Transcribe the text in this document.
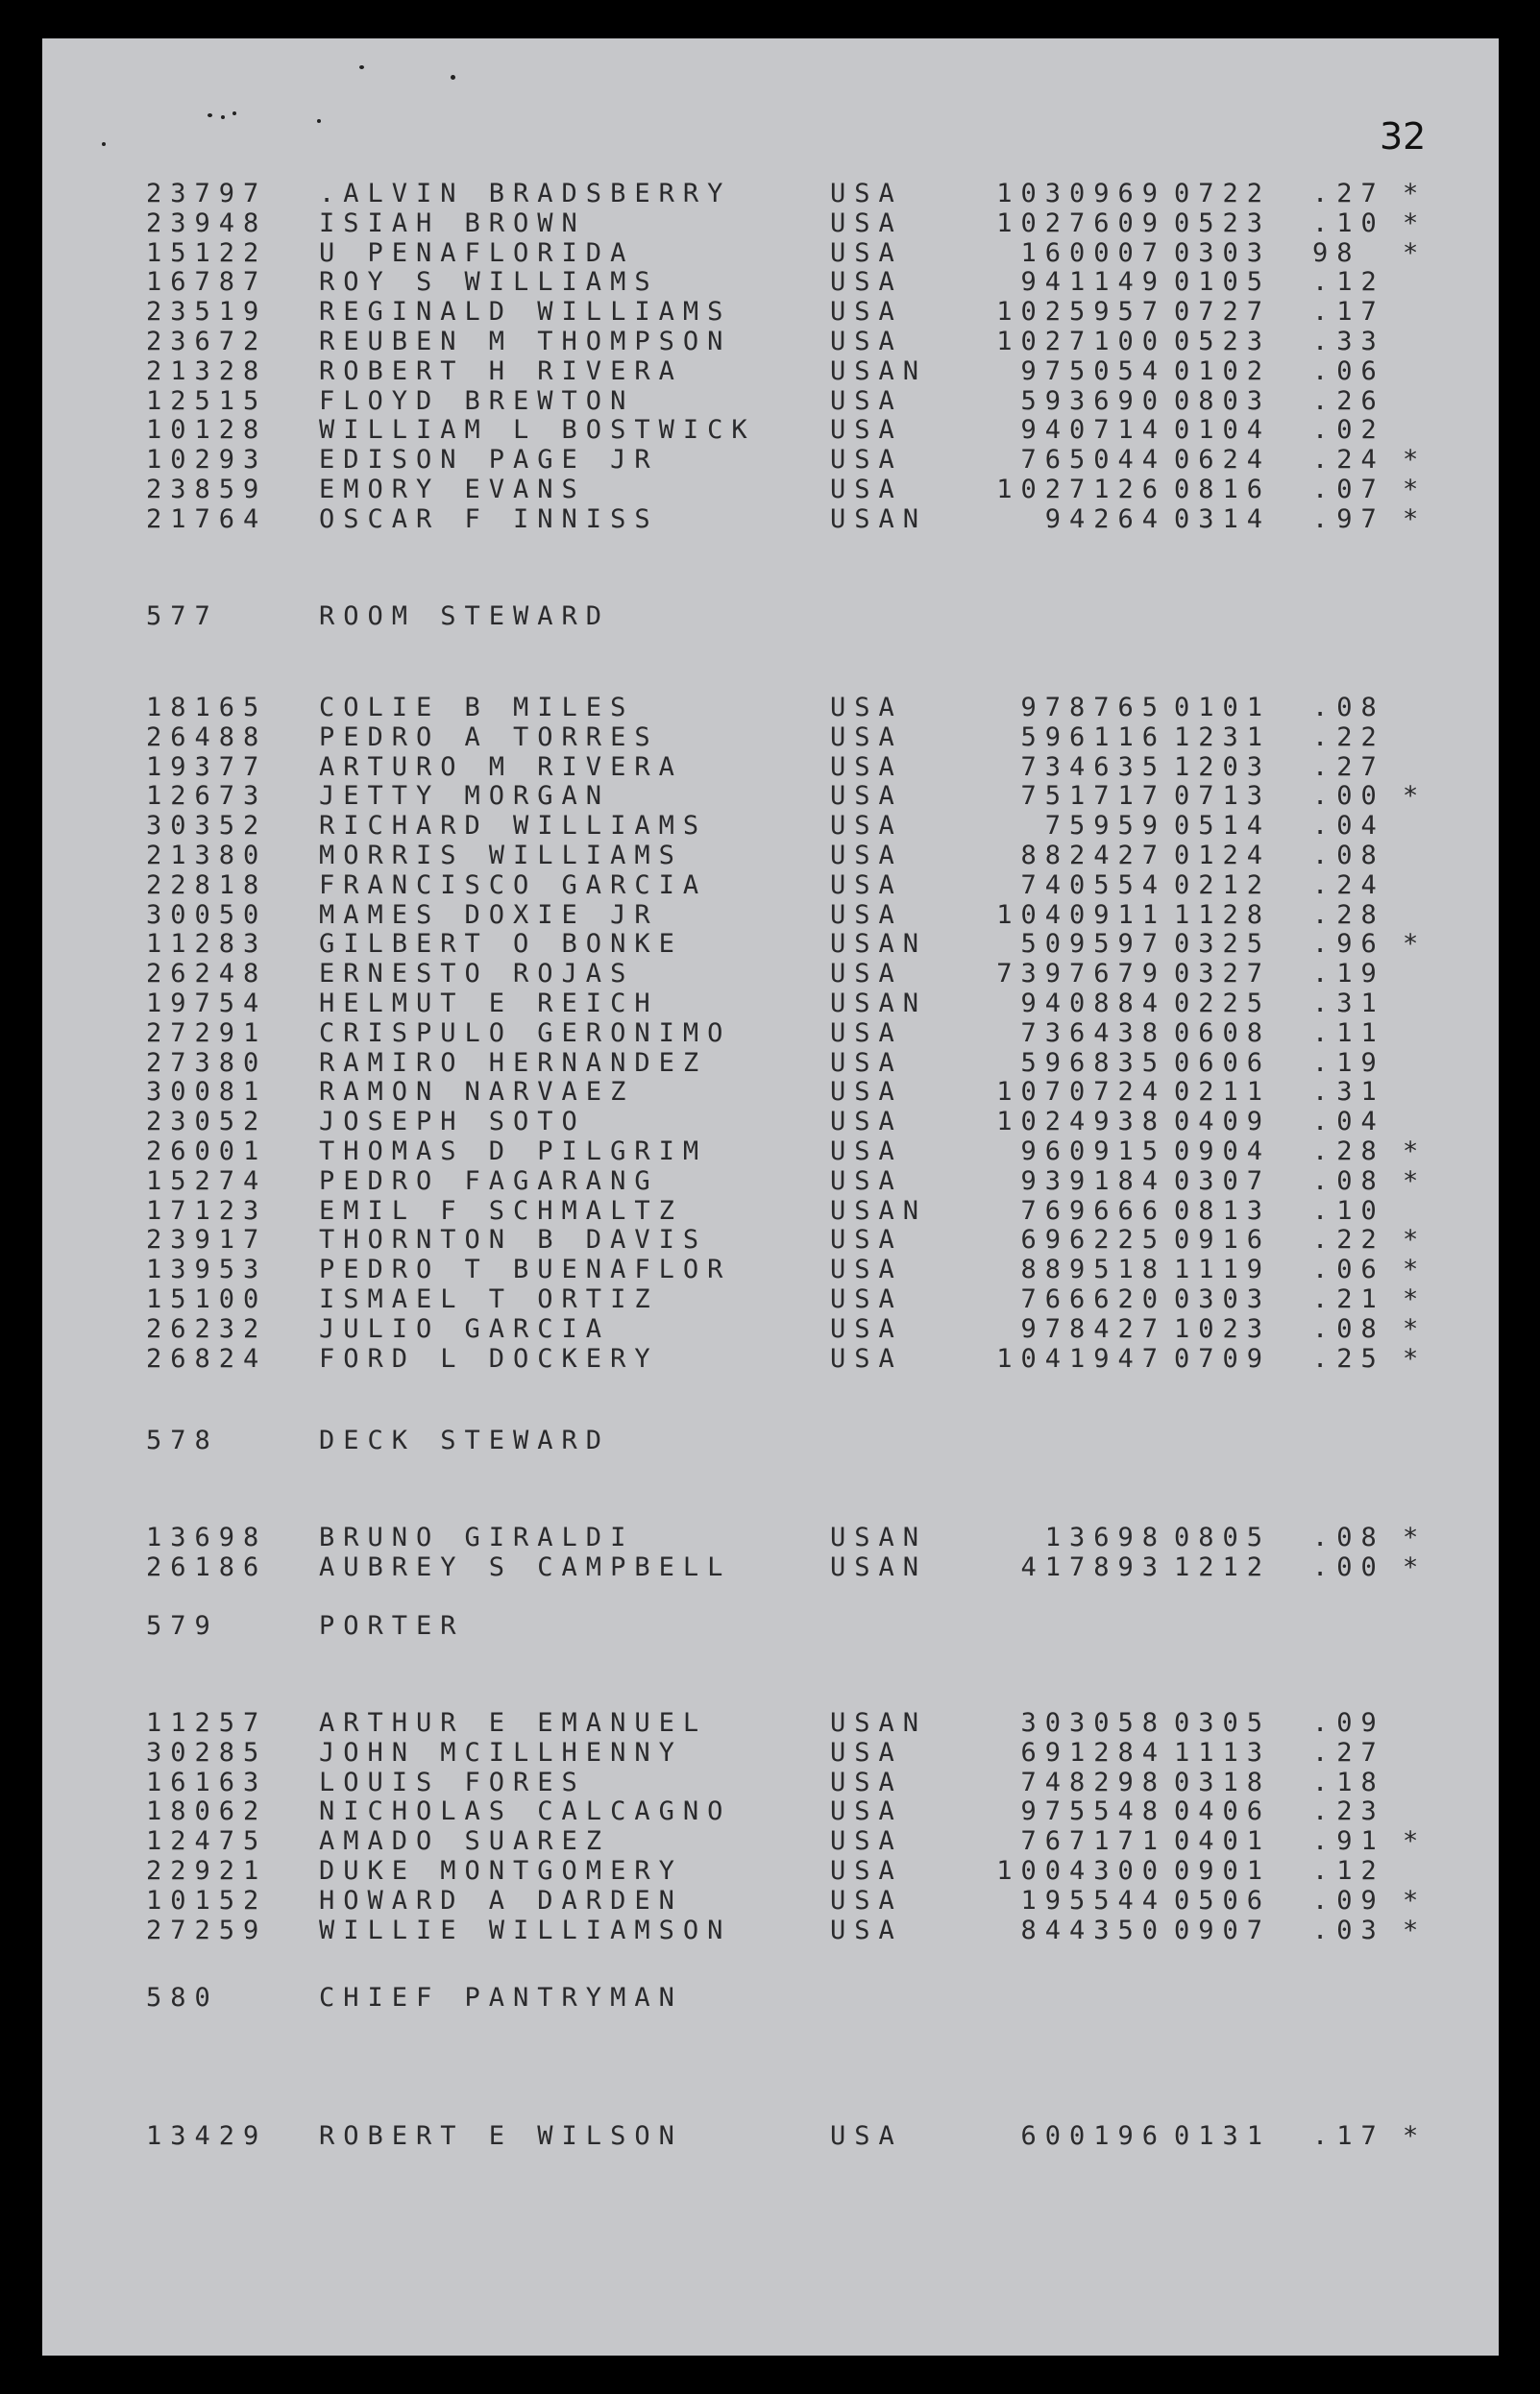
32
23797 .ALVIN BRADSBERRY	USA	1030969 0722 .27 *
23948 ISIAH BROWN	USA	1027609 0523 .10 *
15122 U PENAFLORIDA	USA	160007 0303 98 *
16787 ROY S WILLIAMS	USA	941149 0105 .12
23519 REGINALD WILLIAMS	USA	1025957 0727 .17
23672 REUBEN M THOMPSON	USA	1027100 0523 .33
21328 ROBERT H RIVERA	USAN	975054 0102 .06
12515 FLOYD BREWTON	USA	593690 0803 .26
10128 WILLIAM L BOSTWICK	USA	940714 0104 .02
10293 EDISON PAGE JR	USA	765044 0624 .24 *
23859 EMORY EVANS	USA	1027126 0816 .07 *
21764 OSCAR F INNISS	USAN	94264 0314 .97 *
577	ROOM STEWARD
18165 COLIE B MILES	USA	978765 0101 .08
26488 PEDRO A TORRES	USA	596116 1231 .22
19377 ARTURO M RIVERA	USA	734635 1203 .27
12673 JETTY MORGAN	USA	751717 0713 .00 *
30352 RICHARD WILLIAMS	USA	75959 0514 .04
21380 MORRIS WILLIAMS	USA	882427 0124 .08
22818 FRANCISCO GARCIA	USA	740554 0212 .24
30050 MAMES DOXIE JR	USA	1040911 1128 .28
11283 GILBERT O BONKE	USAN	509597 0325 .96 *
26248 ERNESTO ROJAS	USA	7397679 0327 .19
19754 HELMUT E REICH	USAN	940884 0225 .31
27291 CRISPULO GERONIMO	USA	736438 0608 .11
27380 RAMIRO HERNANDEZ	USA	596835 0606 .19
30081 RAMON NARVAEZ	USA	1070724 0211 .31
23052 JOSEPH SOTO	USA	1024938 0409 .04
26001 THOMAS D PILGRIM	USA	960915 0904 .28 *
15274 PEDRO FAGARANG	USA	939184 0307 .08 *
17123 EMIL F SCHMALTZ	USAN	769666 0813 .10
23917 THORNTON B DAVIS	USA	696225 0916 .22 *
13953 PEDRO T BUENAFLOR	USA	889518 1119 .06 *
15100 ISMAEL T ORTIZ	USA	766620 0303 .21 *
26232 JULIO GARCIA	USA	978427 1023 .08 *
26824 FORD L DOCKERY	USA	1041947 0709 .25 *
578	DECK STEWARD
13698 BRUNO GIRALDI	USAN	13698 0805 .08 *
26186 AUBREY S CAMPBELL	USAN	417893 1212 .00 *
579	PORTER
11257 ARTHUR E EMANUEL	USAN	303058 0305 .09
30285 JOHN MCILLHENNY	USA	691284 1113 .27
16163 LOUIS FORES	USA	748298 0318 .18
18062 NICHOLAS CALCAGNO	USA	975548 0406 .23
12475 AMADO SUAREZ	USA	767171 0401 .91 *
22921 DUKE MONTGOMERY	USA	1004300 0901 .12
10152 HOWARD A DARDEN	USA	195544 0506 .09 *
27259 WILLIE WILLIAMSON	USA	844350 0907 .03 *
580	CHIEF PANTRYMAN
13429 ROBERT E WILSON	USA	600196 0131 .17 *
